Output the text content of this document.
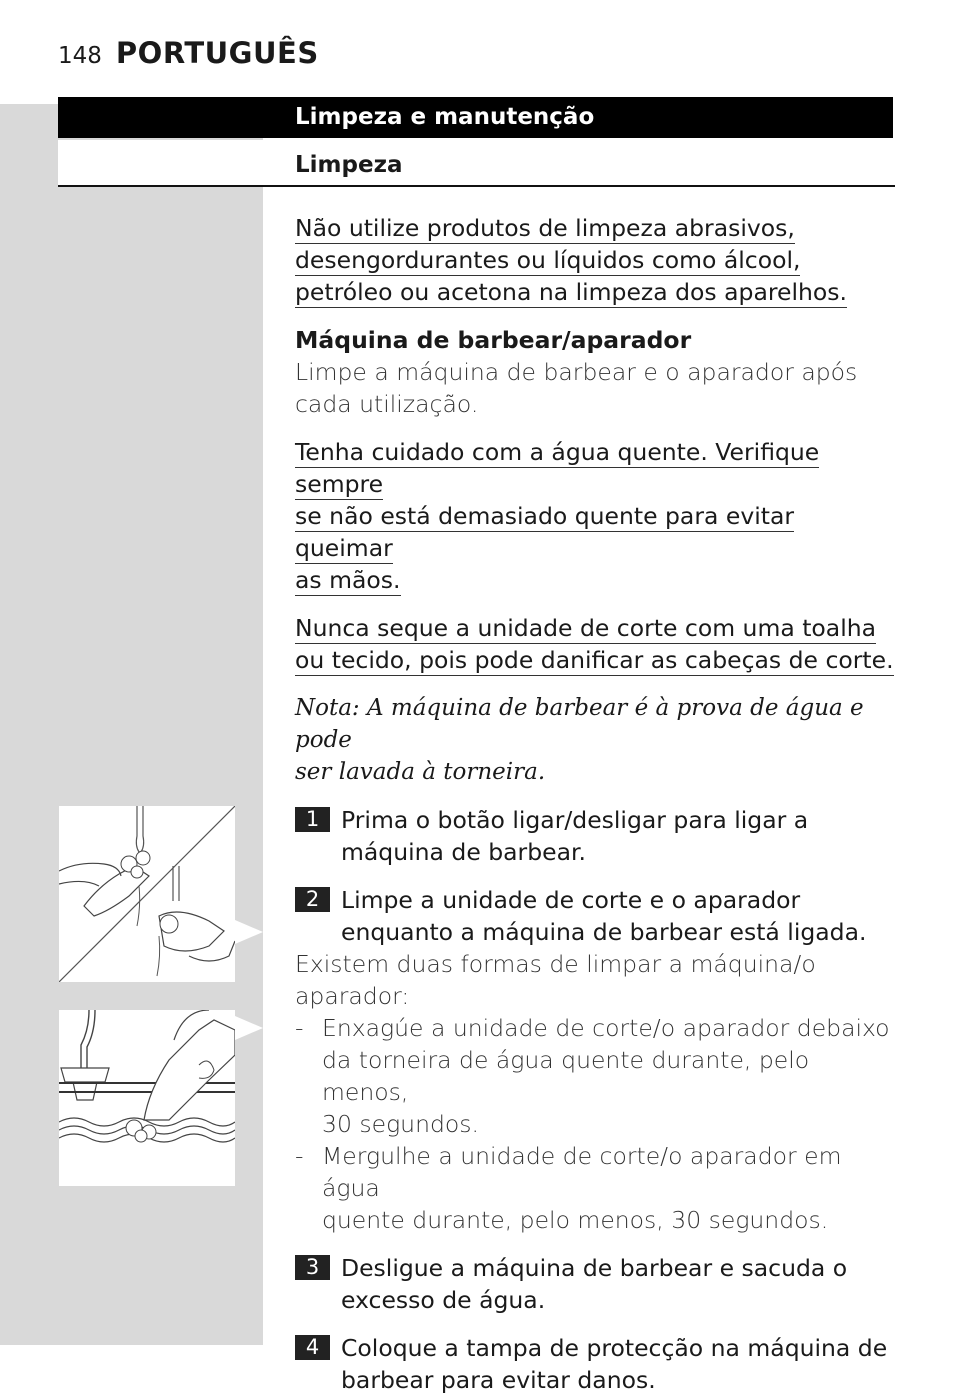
148 PORTUGUÊS
Limpeza e manutenção
Limpeza

Não utilize produtos de limpeza abrasivos,
desengordurantes ou líquidos como álcool,
petróleo ou acetona na limpeza dos aparelhos.

Máquina de barbear/aparador
Limpe a máquina de barbear e o aparador após
cada utilização.

Tenha cuidado com a água quente. Verifique sempre
se não está demasiado quente para evitar queimar
as mãos.

Nunca seque a unidade de corte com uma toalha
ou tecido, pois pode danificar as cabeças de corte.

Nota: A máquina de barbear é à prova de água e pode
ser lavada à torneira.
1 Prima o botão ligar/desligar para ligar a
máquina de barbear.
2 Limpe a unidade de corte e o aparador
enquanto a máquina de barbear está ligada.
Existem duas formas de limpar a máquina/o
aparador:
- Enxagúe a unidade de corte/o aparador debaixo
da torneira de água quente durante, pelo menos,
30 segundos.
- Mergulhe a unidade de corte/o aparador em água
quente durante, pelo menos, 30 segundos.
3 Desligue a máquina de barbear e sacuda o
excesso de água.
4 Coloque a tampa de protecção na máquina de
barbear para evitar danos.
